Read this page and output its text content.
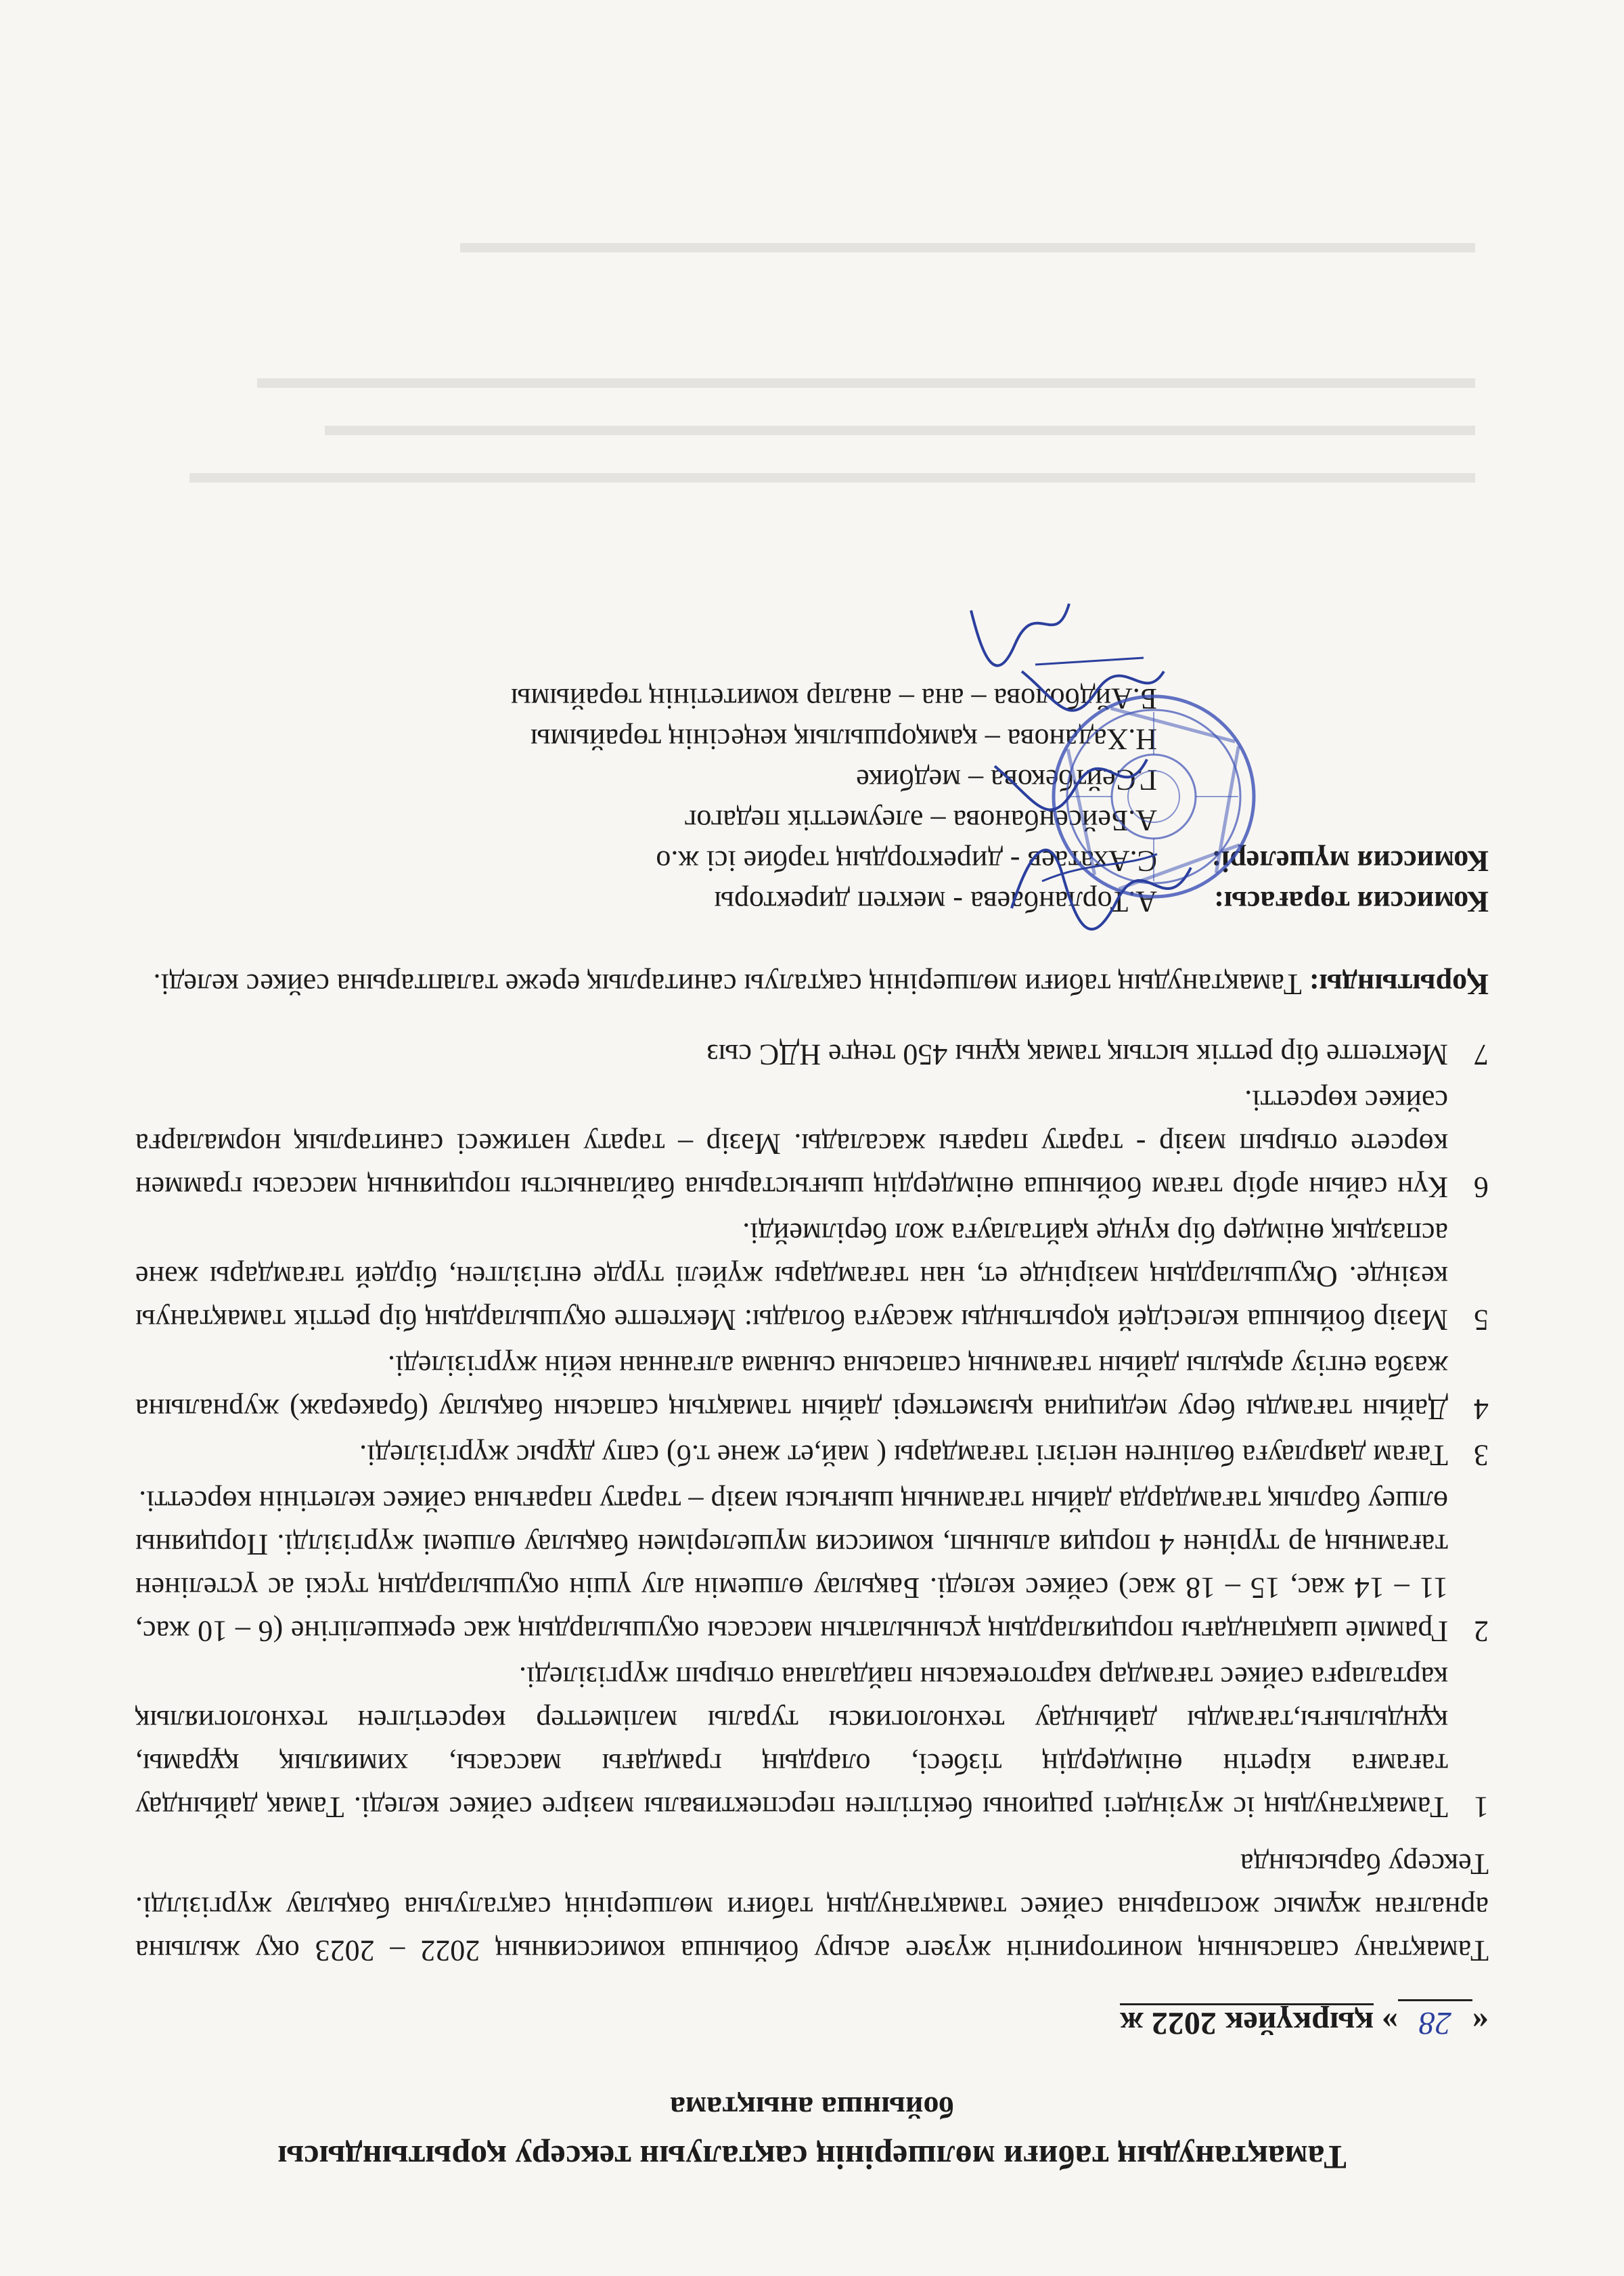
Тамақтанудың табиғи мөлшерінің сақталуын тексеру қорытындысы
бойынша анықтама
«28» қыркүйек 2022 ж

Тамақтану сапасының мониторингін жүзеге асыру бойынша комиссияның 2022 – 2023 оқу жылына арналған жұмыс жоспарына сәйкес тамақтанудың табиғи мөлшерінің сақталуына бақылау жүргізілді. Тексеру барысында

1
Тамақтанудың іс жүзіндегі рационы бекітілген перспективалы мәзірге сәйкес келеді. Тамақ дайындау тағамға кіретін өнімдердің тізбесі, олардың грамдағы массасы, химиялық құрамы, құндылығы,тағамды дайындау технологиясы туралы мәліметтер көрсетілген технологиялық карталарға сәйкес тағамдар картотекасын пайдалана отырып жүргізіледі.
2
Грамміе шақпандағы порциялардың ұсынылатын массасы оқушылардың жас ерекшелігіне (6 – 10 жас, 11 – 14 жас, 15 – 18 жас) сәйкес келеді. Бақылау өлшемін алу үшін оқушылардың түскі ас үстелінен тағамның әр түрінен 4 порция алынып, комиссия мүшелерімен бақылау өлшемі жүргізілді. Порцияны өлшеу барлық тағамдарда дайын тағамның шығысы мәзір – тарату парағына сәйкес келетінін көрсетті.
3
Тағам даярлауға бөлінген негізгі тағамдары ( май,ет және т.б) сапу дұрыс жүргізіледі.
4
Дайын тағамды беру медицина қызметкері дайын тамақтың сапасын бақылау (бракераж) журналына жазба енгізу арқылы дайын тағамның сапасына сынама алғаннан кейін жүргізіледі.
5
Мәзір бойынша келесідей қорытынды жасауға болады: Мектепте оқушылардың бір реттік тамақтануы кезінде. Оқушылардың мәзірінде ет, нан тағамдары жүйелі түрде енгізілген, бірдей тағамдары және аспаздық өнімдер бір күнде қайталауға жол берілмейді.
6
Күн сайын әрбір тағам бойынша өнімдердің шығыстарына байланысты порцияның массасы граммен көрсете отырып мәзір - тарату парағы жасалады. Мәзір – тарату нәтижесі санитарлық нормаларға сәйкес көрсетті.
7
Мектепте бір реттік ыстық тамақ құны 450 теңге НДС сыз

Қорытынды: Тамақтанудың табиғи мөлшерінің сақталуы санитарлық ереже талаптарына сәйкес келеді.

Комиссия төрағасы:
А.Торланбаева - мектеп директоры
Комиссия мүшелері:
С.Ахатаев - директордың тәрбие ісі ж.о
А.Бейсенбанова – әлеуметтік педагог
Г.Сейтбекова – медбике
Н.Хаданова – қамқоршылық кеңесінің төрайымы
Б.Айдболова – ана – аналар комитетінің төрайымы
